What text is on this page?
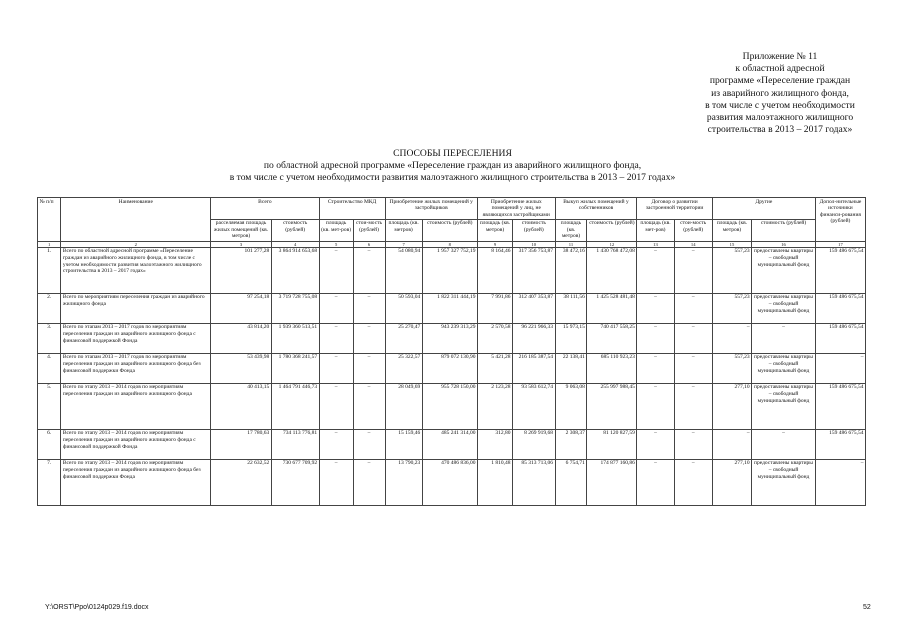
Приложение № 11
к областной адресной
программе «Переселение граждан
из аварийного жилищного фонда,
в том числе с учетом необходимости
развития малоэтажного жилищного
строительства в 2013 – 2017 годах»
СПОСОБЫ ПЕРЕСЕЛЕНИЯ
по областной адресной программе «Переселение граждан из аварийного жилищного фонда,
в том числе с учетом необходимости развития малоэтажного жилищного строительства в 2013 – 2017 годах»
№ п/п	Наименование	Всего		Строительство МКД		Приобретение жилых помещений у застройщиков		Приобретение жилых помещений у лиц, не являющихся застройщиками		Выкуп жилых помещений у собственников		Договор о развитии застроенной территории		Другие		Допол-нительные источники финанси-рования (рублей)
		расселяемая площадь жилых помещений (кв. метров)	стоимость (рублей)	площадь (кв. мет-ров)	стои-мость (рублей)	площадь (кв. метров)	стоимость (рублей)	площадь (кв. метров)	стоимость (рублей)	площадь (кв. метров)	стоимость (рублей)	площадь (кв. мет-ров)	стои-мость (рублей)	площадь (кв. метров)	стоимость (рублей)	
1	2	3	4	5	6	7	8	9	10	11	12	13	14	15	16	17
1.	Всего по областной адресной программе «Переселение граждан из аварийного жилищного фонда, в том числе с учетом необходимости развития малоэтажного жилищного строительства в 2013 – 2017 годах»	101 277,28	3 864 914 653,68	–	–	54 080,94	1 957 327 752,19	8 164,46	317 356 753,87	38 472,16	1 430 768 472,08	–	–	557,23	предоставлены квартиры – свободный муниципальный фонд	159 486 675,54
2.	Всего по мероприятиям переселения граждан из аварийного жилищного фонда	97 254,18	3 719 728 755,08	–	–	50 593,04	1 822 311 444,19	7 991,86	312 407 353,87	38 111,56	1 425 528 481,48	–	–	557,23	предоставлены квартиры – свободный муниципальный фонд	159 486 675,54
3.	Всего по этапам 2013 – 2017 годов по мероприятиям переселения граждан из аварийного жилищного фонда с финансовой поддержкой Фонда	43 814,20	1 939 360 513,51	–	–	25 270,47	943 239 313,29	2 570,58	96 221 966,33	15 973,15	740 417 558,25	–	–	–	–	159 486 675,54
4.	Всего по этапам 2013 – 2017 годов по мероприятиям переселения граждан из аварийного жилищного фонда без финансовой поддержки Фонда	53 439,98	1 780 368 241,57	–	–	25 322,57	879 072 130,90	5 421,28	216 185 387,54	22 138,41	685 110 923,23	–	–	557,23	предоставлены квартиры – свободный муниципальный фонд	–
5.	Всего по этапу 2013 – 2014 годов по мероприятиям переселения граждан из аварийного жилищного фонда	40 413,15	1 464 791 446,73	–	–	28 049,69	955 728 150,00	2 123,28	93 583 612,74	9 063,08	255 997 988,45	–	–	277,10	предоставлены квартиры – свободный муниципальный фонд	159 486 675,54
6.	Всего по этапу 2013 – 2014 годов по мероприятиям переселения граждан из аварийного жилищного фонда с финансовой поддержкой Фонда	17 780,63	734 113 776,81	–	–	15 159,46	485 241 314,00	312,80	8 269 919,68	2 308,37	81 120 827,59	–	–	–	–	159 486 675,54
7.	Всего по этапу 2013 – 2014 годов по мероприятиям переселения граждан из аварийного жилищного фонда без финансовой поддержки Фонда	22 632,52	730 677 709,92	–	–	13 790,23	470 486 836,00	1 810,48	85 313 713,06	6 754,71	174 877 160,86	–	–	277,10	предоставлены квартиры – свободный муниципальный фонд	–
Y:\ORST\Ppo\0124p029.f19.docx	52
